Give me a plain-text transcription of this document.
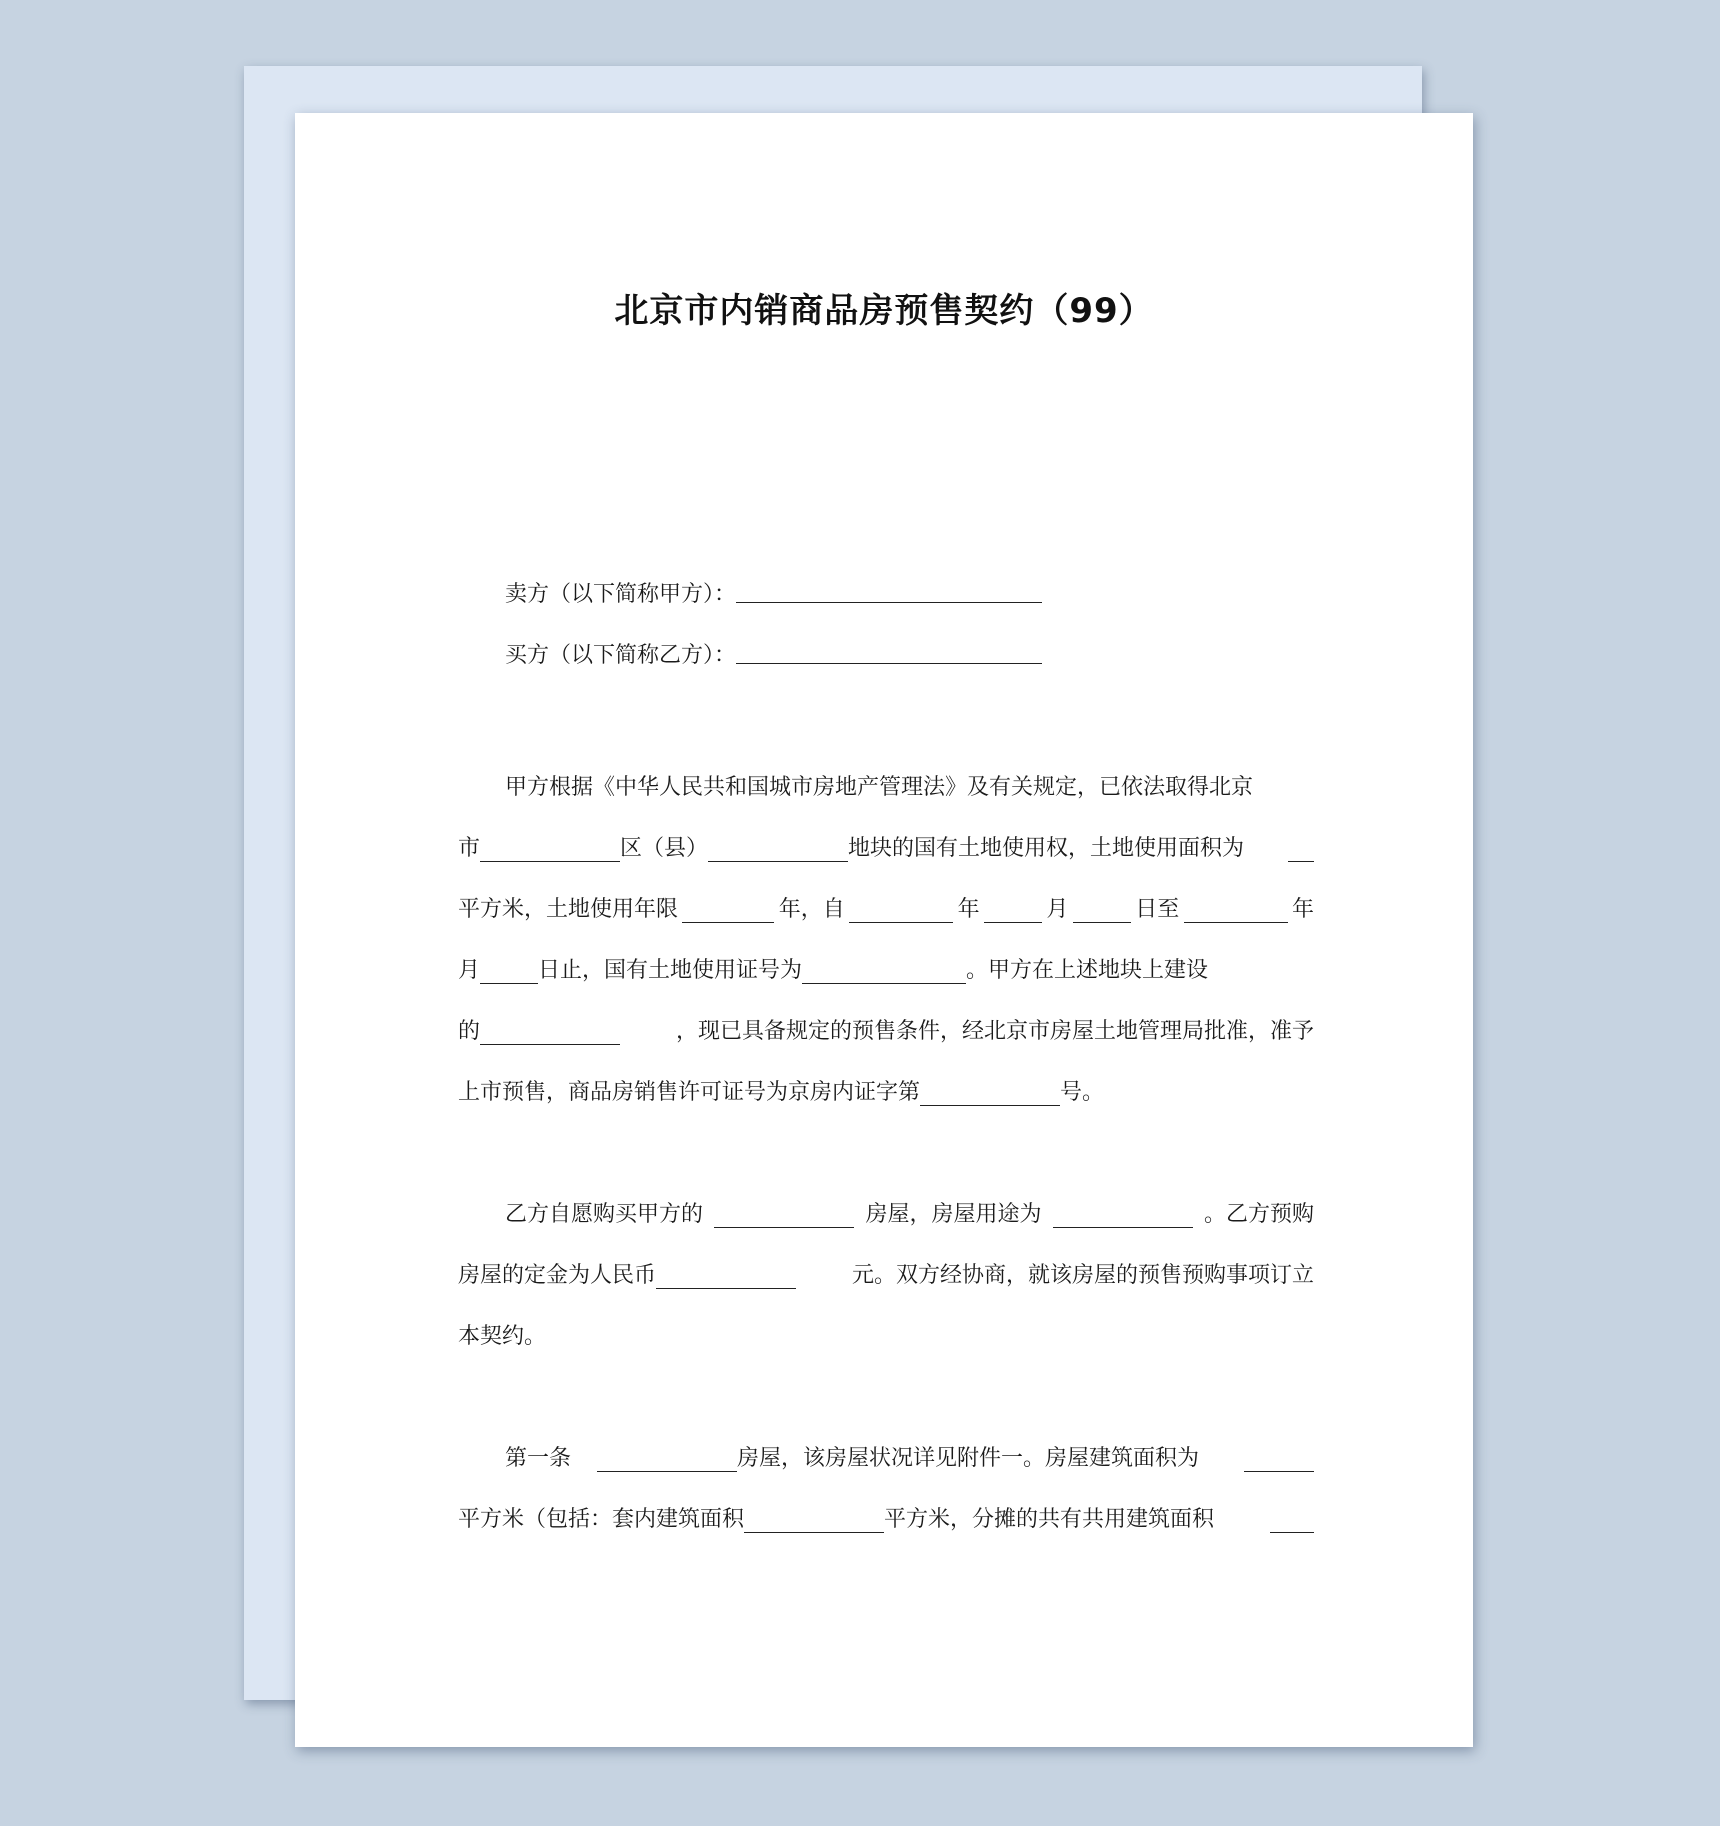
北京市内销商品房预售契约（99）
卖方（以下简称甲方）：
买方（以下简称乙方）：
甲方根据《中华人民共和国城市房地产管理法》及有关规定，已依法取得北京
市	区（县）	地块的国有土地使用权，土地使用面积为
平方米，土地使用年限	年，自	年	月	日至	年
月	日止，国有土地使用证号为	。甲方在上述地块上建设
的	，现已具备规定的预售条件，经北京市房屋土地管理局批准，准予
上市预售，商品房销售许可证号为京房内证字第	号。
乙方自愿购买甲方的	房屋，房屋用途为	。乙方预购
房屋的定金为人民币	元。双方经协商，就该房屋的预售预购事项订立
本契约。
第一条	房屋，该房屋状况详见附件一。房屋建筑面积为
平方米（包括：套内建筑面积	平方米，分摊的共有共用建筑面积
